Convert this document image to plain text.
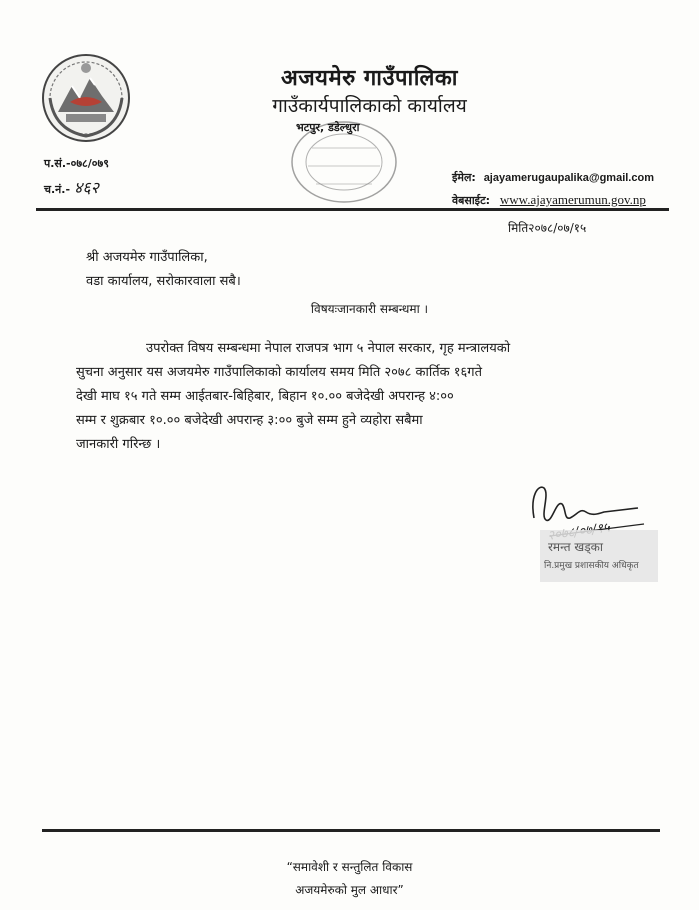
अजयमेरु गाउँपालिका
गाउँकार्यपालिकाको कार्यालय
भटपुर, डडेल्धुरा
प.सं.-०७८/०७९
च.नं.- ४६२
ईमेल: ajayamerugaupalika@gmail.com
वेबसाईट: www.ajayamerumun.gov.np
मिति२०७८/०७/१५
श्री अजयमेरु गाउँपालिका,
वडा कार्यालय, सरोकारवाला सबै।
विषयःजानकारी सम्बन्धमा ।
उपरोक्त विषय सम्बन्धमा नेपाल राजपत्र भाग ५ नेपाल सरकार, गृह मन्त्रालयको
सुचना अनुसार यस अजयमेरु गाउँपालिकाको कार्यालय समय मिति २०७८ कार्तिक १६गते
देखी माघ १५ गते सम्म आईतबार-बिहिबार, बिहान १०.०० बजेदेखी अपरान्ह ४:००
सम्म र शुक्रबार १०.०० बजेदेखी अपरान्ह ३:०० बुजे सम्म हुने व्यहोरा सबैमा
जानकारी गरिन्छ ।
रमन्त खड्का
नि.प्रमुख प्रशासकीय अधिकृत
“समावेशी र सन्तुलित विकास
अजयमेरुको मुल आधार”
